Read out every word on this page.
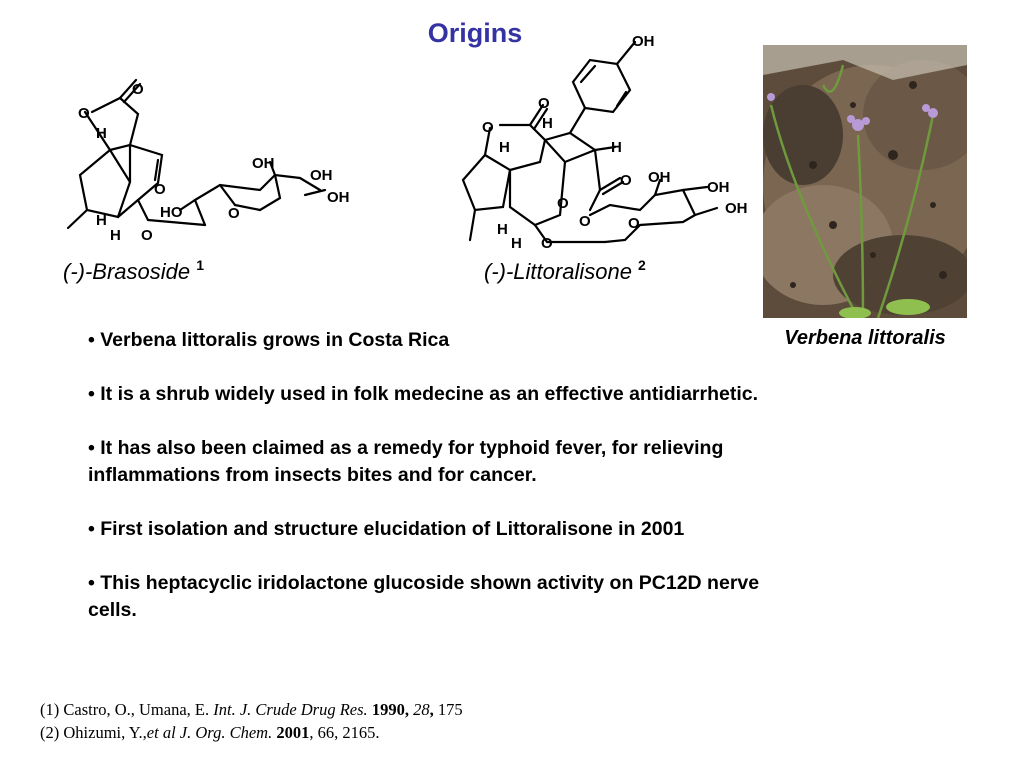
Origins
O
O
H
O
H
H O
HO	O
OH
OH
OH
(-)-Brasoside $^1$
OH
O
O	H
H	H
O
O
O
OH
OH
OH
O
H
H O
(-)-Littoralisone $^2$
Verbena littoralis
• Verbena littoralis grows in Costa Rica
• It is a shrub widely used in folk medecine as an effective antidiarrhetic.
• It has also been claimed as a remedy for typhoid fever, for relieving inflammations from insects bites and for cancer.
• First isolation and structure elucidation of Littoralisone in 2001
• This heptacyclic iridolactone glucoside shown activity on PC12D nerve cells.
(1) Castro, O., Umana, E. Int. J. Crude Drug Res. 1990, 28, 175
(2) Ohizumi, Y.,et al J. Org. Chem. 2001, 66, 2165.
